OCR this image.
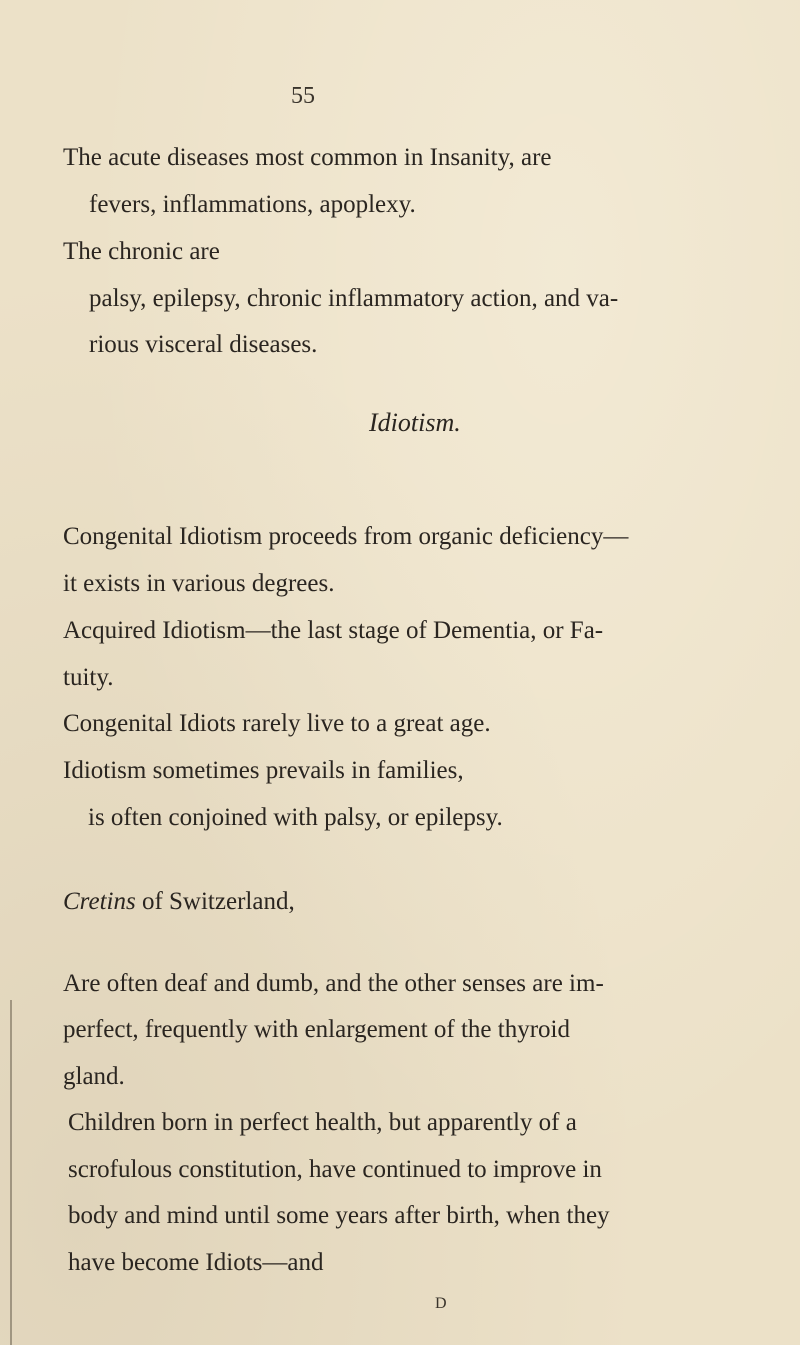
55
The acute diseases most common in Insanity, are
fevers, inflammations, apoplexy.
The chronic are
palsy, epilepsy, chronic inflammatory action, and va-
rious visceral diseases.
Idiotism.
Congenital Idiotism proceeds from organic deficiency—
it exists in various degrees.
Acquired Idiotism—the last stage of Dementia, or Fa-
tuity.
Congenital Idiots rarely live to a great age.
Idiotism sometimes prevails in families,
is often conjoined with palsy, or epilepsy.
Cretins of Switzerland,
Are often deaf and dumb, and the other senses are im-
perfect, frequently with enlargement of the thyroid
gland.
Children born in perfect health, but apparently of a
scrofulous constitution, have continued to improve in
body and mind until some years after birth, when they
have become Idiots—and
D
